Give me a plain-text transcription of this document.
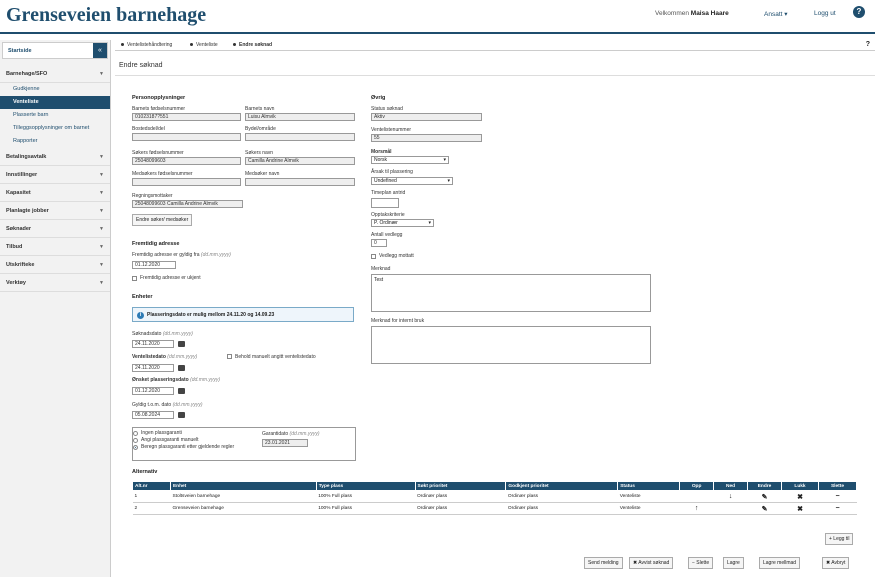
Grenseveien barnehage	Velkommen Maisa Haare	Ansatt ▾	Logg ut	?
Startside	«
Barnehage/SFO	▼
Gudkjenne
Venteliste
Plasserte barn
Tilleggsopplysninger om barnet
Rapporter
Betalingsavtalk	▼
Innstillinger	▼
Kapasitet	▼
Planlagte jobber	▼
Søknader	▼
Tilbud	▼
Utskrifteke	▼
Verktøy	▼
Ventelistehåndtering	Venteliste	Endre søknad	?
Endre søknad
Personopplysninger
Barnets fødselsnummer
01023187?551
Barnets navn
Luisu Almvik
Bostedsdel/del	Bydel/område
Søkers fødselsnummer
25048099603
Søkers navn
Camilla Andrine Almvik
Medsøkers fødselsnummer	Medsøker navn
Regningsmottaker
25048099603 Camilla Andrine Almvik
Endre søker/ medsøker
Fremtidig adresse
Fremtidig adresse er gyldig fra (dd.mm.yyyy)
01.12.2020
Fremtidig adresse er ukjent
Enheter
i	Plasseringsdato er mulig mellom 24.11.20 og 14.09.23
Søknadsdato (dd.mm.yyyy)
24.11.2020
Ventelistedato (dd.mm.yyyy)
24.11.2020
Behold manuelt angitt ventelistedato
Ønsket plasseringsdato (dd.mm.yyyy)
01.12.2020
Gyldig t.o.m. dato (dd.mm.yyyy)
05.08.2024
Ingen plassgaranti
Angi plassgaranti manuelt
Beregn plassgaranti etter gjeldende regler
Garantidato (dd.mm.yyyy)
23.01.2021
Øvrig
Status søknad
Aktiv
Ventelistenummer
55
Morsmål
Norsk ▾
Årsak til plassering
Undefined ▾
Timeplan antrid
Opptakskriterie
P. Ordinær ▾
Antall vedlegg
0
Vedlegg mottatt
Merknad
Test
Merknad for internt bruk
Alternativ
Alt.nr	Enhet	Type plass	Søkt prioritet	Godkjent prioritet	Status	Opp	Ned	Endre	Lukk	Slette
1	Stoltsveien barnehage	100% Full plass	Ordinær plass	Ordinær plass	Venteliste		↓	✎	✖	−
2	Grenseveien barnehage	100% Full plass	Ordinær plass	Ordinær plass	Venteliste	↑		✎	✖	−
+ Legg til
Send melding	✖ Avvist søknad	− Slette	Lagre	Lagre mellmad	✖ Avbryt
